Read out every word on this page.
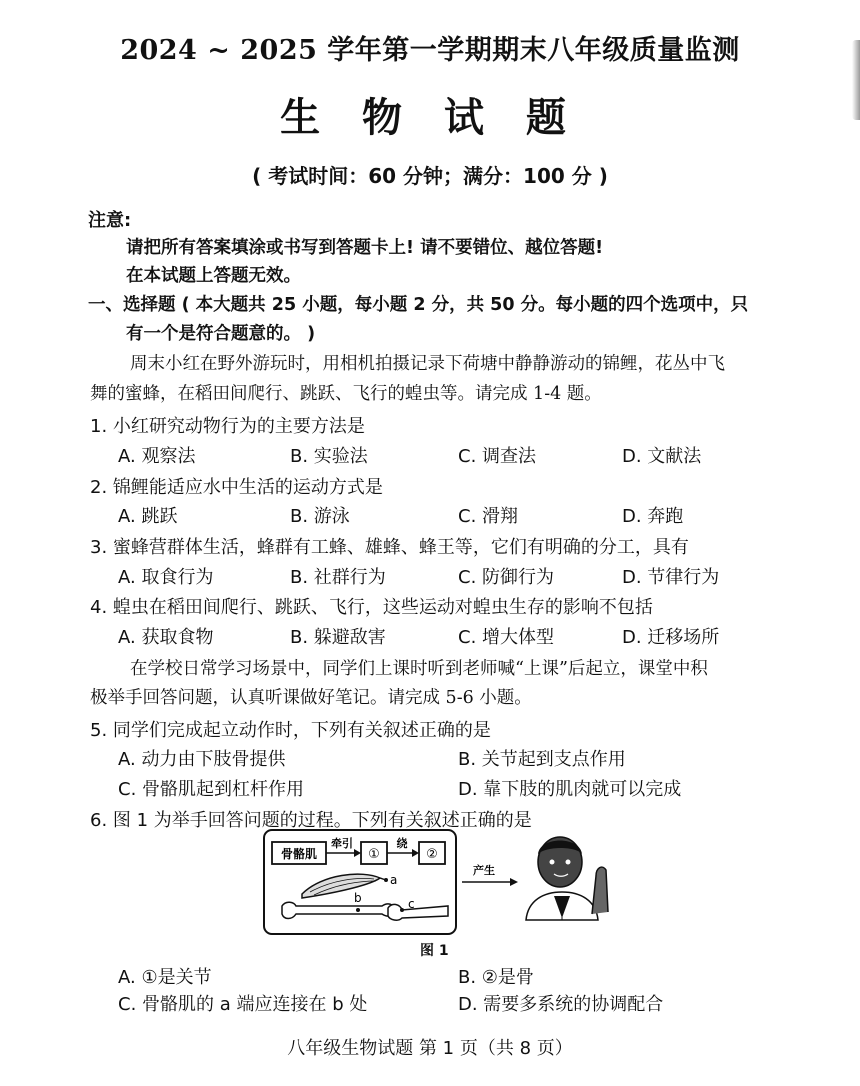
2024 ~ 2025 学年第一学期期末八年级质量监测
生 物 试 题
( 考试时间：60 分钟；满分：100 分 )
注意:
请把所有答案填涂或书写到答题卡上! 请不要错位、越位答题!
在本试题上答题无效。
一、选择题 ( 本大题共 25 小题，每小题 2 分，共 50 分。每小题的四个选项中，只
有一个是符合题意的。 )
周末小红在野外游玩时，用相机拍摄记录下荷塘中静静游动的锦鲤，花丛中飞
舞的蜜蜂，在稻田间爬行、跳跃、飞行的蝗虫等。请完成 1-4 题。
1. 小红研究动物行为的主要方法是
A. 观察法	B. 实验法	C. 调查法	D. 文献法
2. 锦鲤能适应水中生活的运动方式是
A. 跳跃	B. 游泳	C. 滑翔	D. 奔跑
3. 蜜蜂营群体生活，蜂群有工蜂、雄蜂、蜂王等，它们有明确的分工，具有
A. 取食行为	B. 社群行为	C. 防御行为	D. 节律行为
4. 蝗虫在稻田间爬行、跳跃、飞行，这些运动对蝗虫生存的影响不包括
A. 获取食物	B. 躲避敌害	C. 增大体型	D. 迁移场所
在学校日常学习场景中，同学们上课时听到老师喊“上课”后起立，课堂中积
极举手回答问题，认真听课做好笔记。请完成 5-6 小题。
5. 同学们完成起立动作时，下列有关叙述正确的是
A. 动力由下肢骨提供	B. 关节起到支点作用
C. 骨骼肌起到杠杆作用	D. 靠下肢的肌肉就可以完成
6. 图 1 为举手回答问题的过程。下列有关叙述正确的是
骨骼肌
牵引
①
绕
②
a
b	c
产生
图 1
A. ①是关节	B. ②是骨
C. 骨骼肌的 a 端应连接在 b 处	D. 需要多系统的协调配合
八年级生物试题 第 1 页（共 8 页）
